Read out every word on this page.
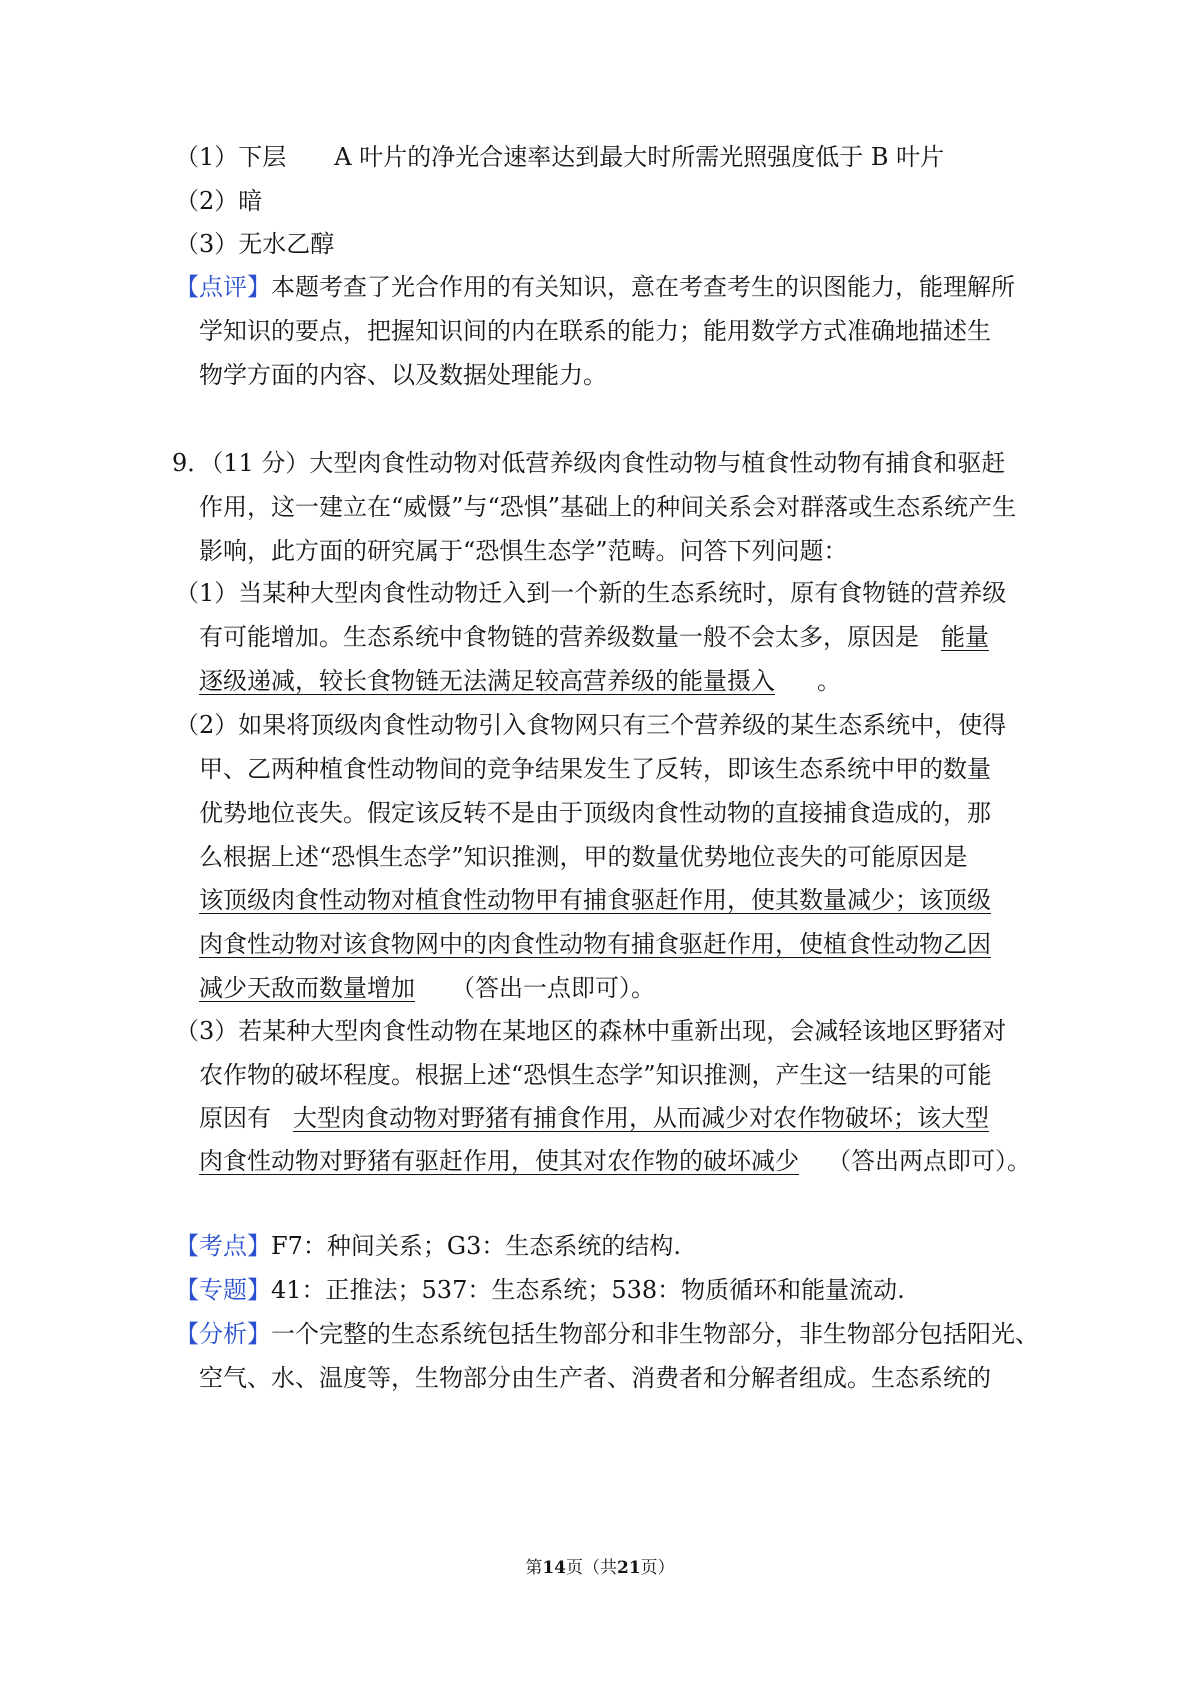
（1）下层 A 叶片的净光合速率达到最大时所需光照强度低于 B 叶片
（2）暗
（3）无水乙醇
【点评】本题考查了光合作用的有关知识，意在考查考生的识图能力，能理解所
学知识的要点，把握知识间的内在联系的能力；能用数学方式准确地描述生
物学方面的内容、以及数据处理能力。
9．（11 分）大型肉食性动物对低营养级肉食性动物与植食性动物有捕食和驱赶
作用，这一建立在“威慑”与“恐惧”基础上的种间关系会对群落或生态系统产生
影响，此方面的研究属于“恐惧生态学”范畴。问答下列问题：
（1）当某种大型肉食性动物迁入到一个新的生态系统时，原有食物链的营养级
有可能增加。生态系统中食物链的营养级数量一般不会太多，原因是 能量
逐级递减，较长食物链无法满足较高营养级的能量摄入 。
（2）如果将顶级肉食性动物引入食物网只有三个营养级的某生态系统中，使得
甲、乙两种植食性动物间的竞争结果发生了反转，即该生态系统中甲的数量
优势地位丧失。假定该反转不是由于顶级肉食性动物的直接捕食造成的，那
么根据上述“恐惧生态学”知识推测，甲的数量优势地位丧失的可能原因是
该顶级肉食性动物对植食性动物甲有捕食驱赶作用，使其数量减少；该顶级
肉食性动物对该食物网中的肉食性动物有捕食驱赶作用，使植食性动物乙因
减少天敌而数量增加 （答出一点即可）。
（3）若某种大型肉食性动物在某地区的森林中重新出现，会减轻该地区野猪对
农作物的破坏程度。根据上述“恐惧生态学”知识推测，产生这一结果的可能
原因有 大型肉食动物对野猪有捕食作用，从而减少对农作物破坏；该大型
肉食性动物对野猪有驱赶作用，使其对农作物的破坏减少 （答出两点即可）。
【考点】F7：种间关系；G3：生态系统的结构.
【专题】41：正推法；537：生态系统；538：物质循环和能量流动.
【分析】一个完整的生态系统包括生物部分和非生物部分，非生物部分包括阳光、
空气、水、温度等，生物部分由生产者、消费者和分解者组成。生态系统的
第14页（共21页）
